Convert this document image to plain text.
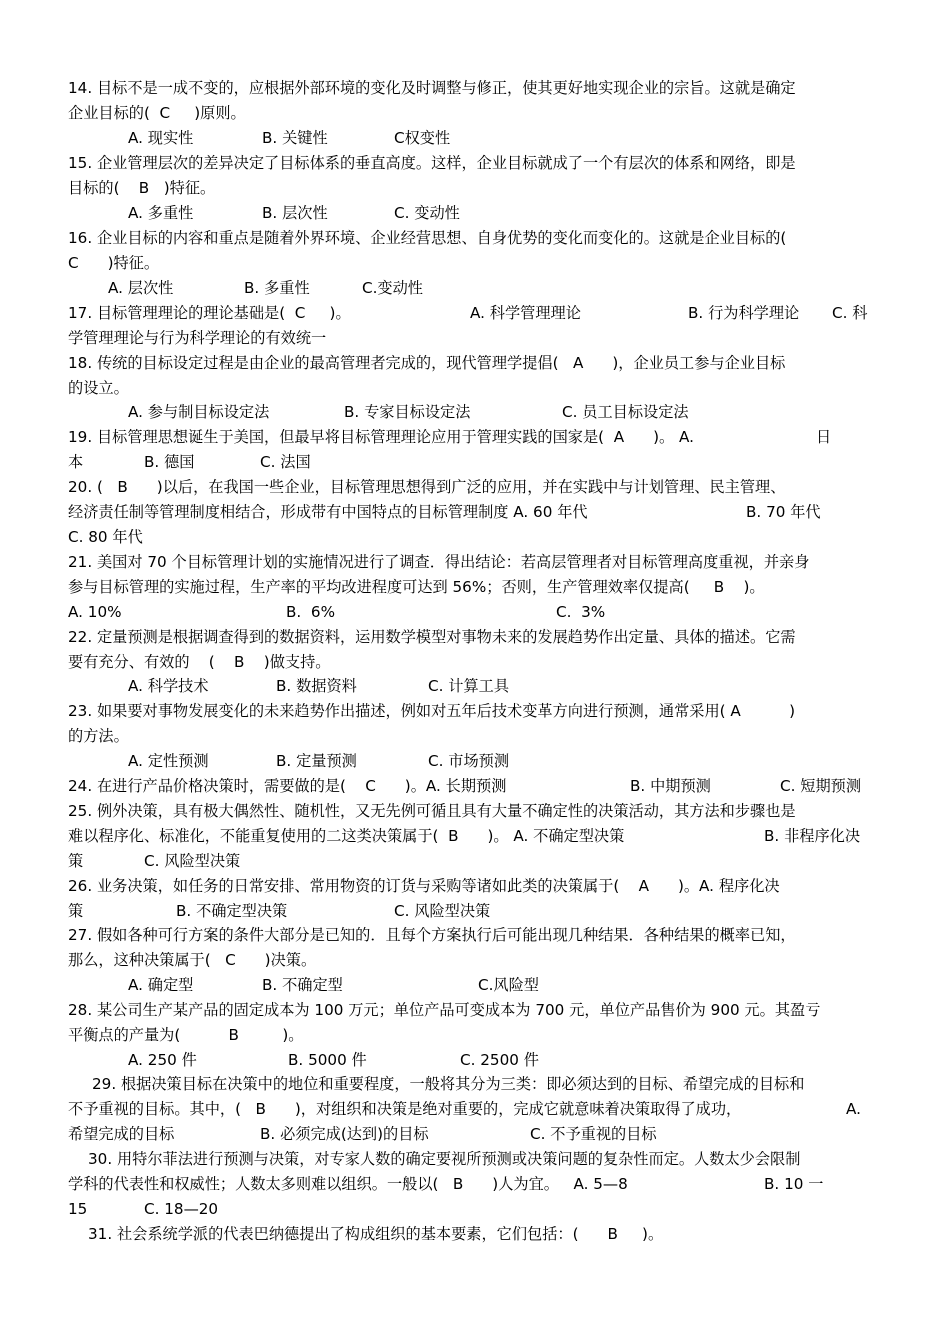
14. 目标不是一成不变的，应根据外部环境的变化及时调整与修正，使其更好地实现企业的宗旨。这就是确定
企业目标的(  C     )原则。
A. 现实性	B. 关键性	C权变性
15. 企业管理层次的差异决定了目标体系的垂直高度。这样，企业目标就成了一个有层次的体系和网络，即是
目标的(    B   )特征。
A. 多重性	B. 层次性	C. 变动性
16. 企业目标的内容和重点是随着外界环境、企业经营思想、自身优势的变化而变化的。这就是企业目标的(
C      )特征。
A. 层次性	B. 多重性	C.变动性
17. 目标管理理论的理论基础是(  C     )。	A. 科学管理理论	B. 行为科学理论 C. 科
学管理理论与行为科学理论的有效统一
18. 传统的目标设定过程是由企业的最高管理者完成的，现代管理学提倡(   A      )，企业员工参与企业目标
的设立。
A. 参与制目标设定法	B. 专家目标设定法	C. 员工目标设定法
19. 目标管理思想诞生于美国，但最早将目标管理理论应用于管理实践的国家是(  A      )。 A.	日
本	B. 德国	C. 法国
20. (   B      )以后，在我国一些企业，目标管理思想得到广泛的应用，并在实践中与计划管理、民主管理、
经济责任制等管理制度相结合，形成带有中国特点的目标管理制度 A. 60 年代	B. 70 年代
C. 80 年代
21. 美国对 70 个目标管理计划的实施情况进行了调查．得出结论：若高层管理者对目标管理高度重视，并亲身
参与目标管理的实施过程，生产率的平均改进程度可达到 56%；否则，生产管理效率仅提高(     B    )。
A. 10%	B.  6%	C.  3%
22. 定量预测是根据调查得到的数据资料，运用数学模型对事物未来的发展趋势作出定量、具体的描述。它需
要有充分、有效的    (    B    )做支持。
A. 科学技术	B. 数据资料	C. 计算工具
23. 如果要对事物发展变化的未来趋势作出描述，例如对五年后技术变革方向进行预测，通常采用( A          )
的方法。
A. 定性预测	B. 定量预测	C. 市场预测
24. 在进行产品价格决策时，需要做的是(    C      )。A. 长期预测	B. 中期预测	C. 短期预测
25. 例外决策，具有极大偶然性、随机性，又无先例可循且具有大量不确定性的决策活动，其方法和步骤也是
难以程序化、标准化，不能重复使用的二这类决策属于(  B      )。 A. 不确定型决策	B. 非程序化决
策	C. 风险型决策
26. 业务决策，如任务的日常安排、常用物资的订货与采购等诸如此类的决策属于(    A      )。A. 程序化决
策	B. 不确定型决策	C. 风险型决策
27. 假如各种可行方案的条件大部分是已知的．且每个方案执行后可能出现几种结果．各种结果的概率已知，
那么，这种决策属于(   C      )决策。
A. 确定型	B. 不确定型	C.风险型
28. 某公司生产某产品的固定成本为 100 万元；单位产品可变成本为 700 元，单位产品售价为 900 元。其盈亏
平衡点的产量为(          B         )。
A. 250 件	B. 5000 件	C. 2500 件
29. 根据决策目标在决策中的地位和重要程度，一般将其分为三类：即必须达到的目标、希望完成的目标和
不予重视的目标。其中，(   B      )，对组织和决策是绝对重要的，完成它就意味着决策取得了成功，	A.
希望完成的目标	B. 必须完成(达到)的目标	C. 不予重视的目标
30. 用特尔菲法进行预测与决策，对专家人数的确定要视所预测或决策问题的复杂性而定。人数太少会限制
学科的代表性和权威性；人数太多则难以组织。一般以(   B      )人为宜。   A. 5—8	B. 10 一
15	C. 18—20
31. 社会系统学派的代表巴纳德提出了构成组织的基本要素，它们包括：(      B     )。
